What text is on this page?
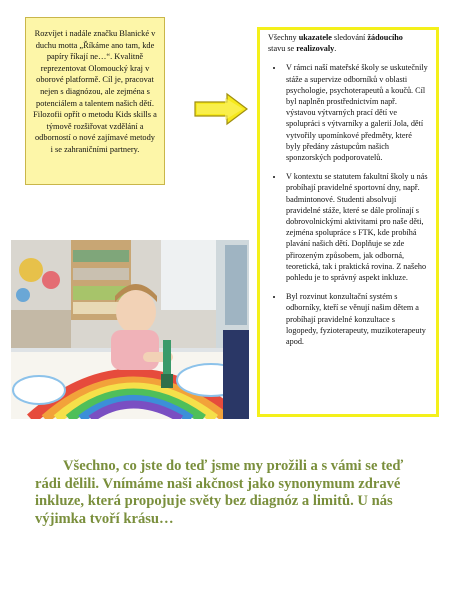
Rozvíjet i nadále značku Blanické v duchu motta „Říkáme ano tam, kde papíry říkají ne…“. Kvalitně reprezentovat Olomoucký kraj v oborové platformě. Cíl je, pracovat nejen s diagnózou, ale zejména s potenciálem a talentem našich dětí. Filozofii opřít o metodu Kids skills a týmově rozšiřovat vzdělání a odborností o nové zajímavé metody i se zahraničními partnery.

Všechny ukazatele sledování žádoucího
stavu se realizovaly.

• V rámci naší mateřské školy se uskutečnily stáže a supervize odborníků v oblasti psychologie, psychoterapeutů a koučů. Cíl byl naplněn prostřednictvím např. výstavou výtvarných prací dětí ve spolupráci s výtvarníky a galerií Jola, dětí vytvořily upomínkové předměty, které byly předány zástupcům našich sponzorských podporovatelů.
• V kontextu se statutem fakultní školy u nás probíhají pravidelné sportovní dny, např. badmintonové. Studenti absolvují pravidelné stáže, které se dále prolínají s dobrovolnickými aktivitami pro naše děti, zejména spolupráce s FTK, kde probíhá plavání našich dětí. Doplňuje se zde přirozeným způsobem, jak odborná, teoretická, tak i praktická rovina. Z našeho pohledu je to správný aspekt inkluze.
• Byl rozvinut konzultační systém s odborníky, kteří se věnují našim dětem a probíhají pravidelné konzultace s logopedy, fyzioterapeuty, muzikoterapeuty apod.
Všechno, co jste do teď jsme my prožili a s vámi se teď
rádi dělili. Vnímáme naši akčnost jako synonymum zdravé inkluze, která propojuje světy bez diagnóz a limitů. U nás výjimka tvoří krásu…
